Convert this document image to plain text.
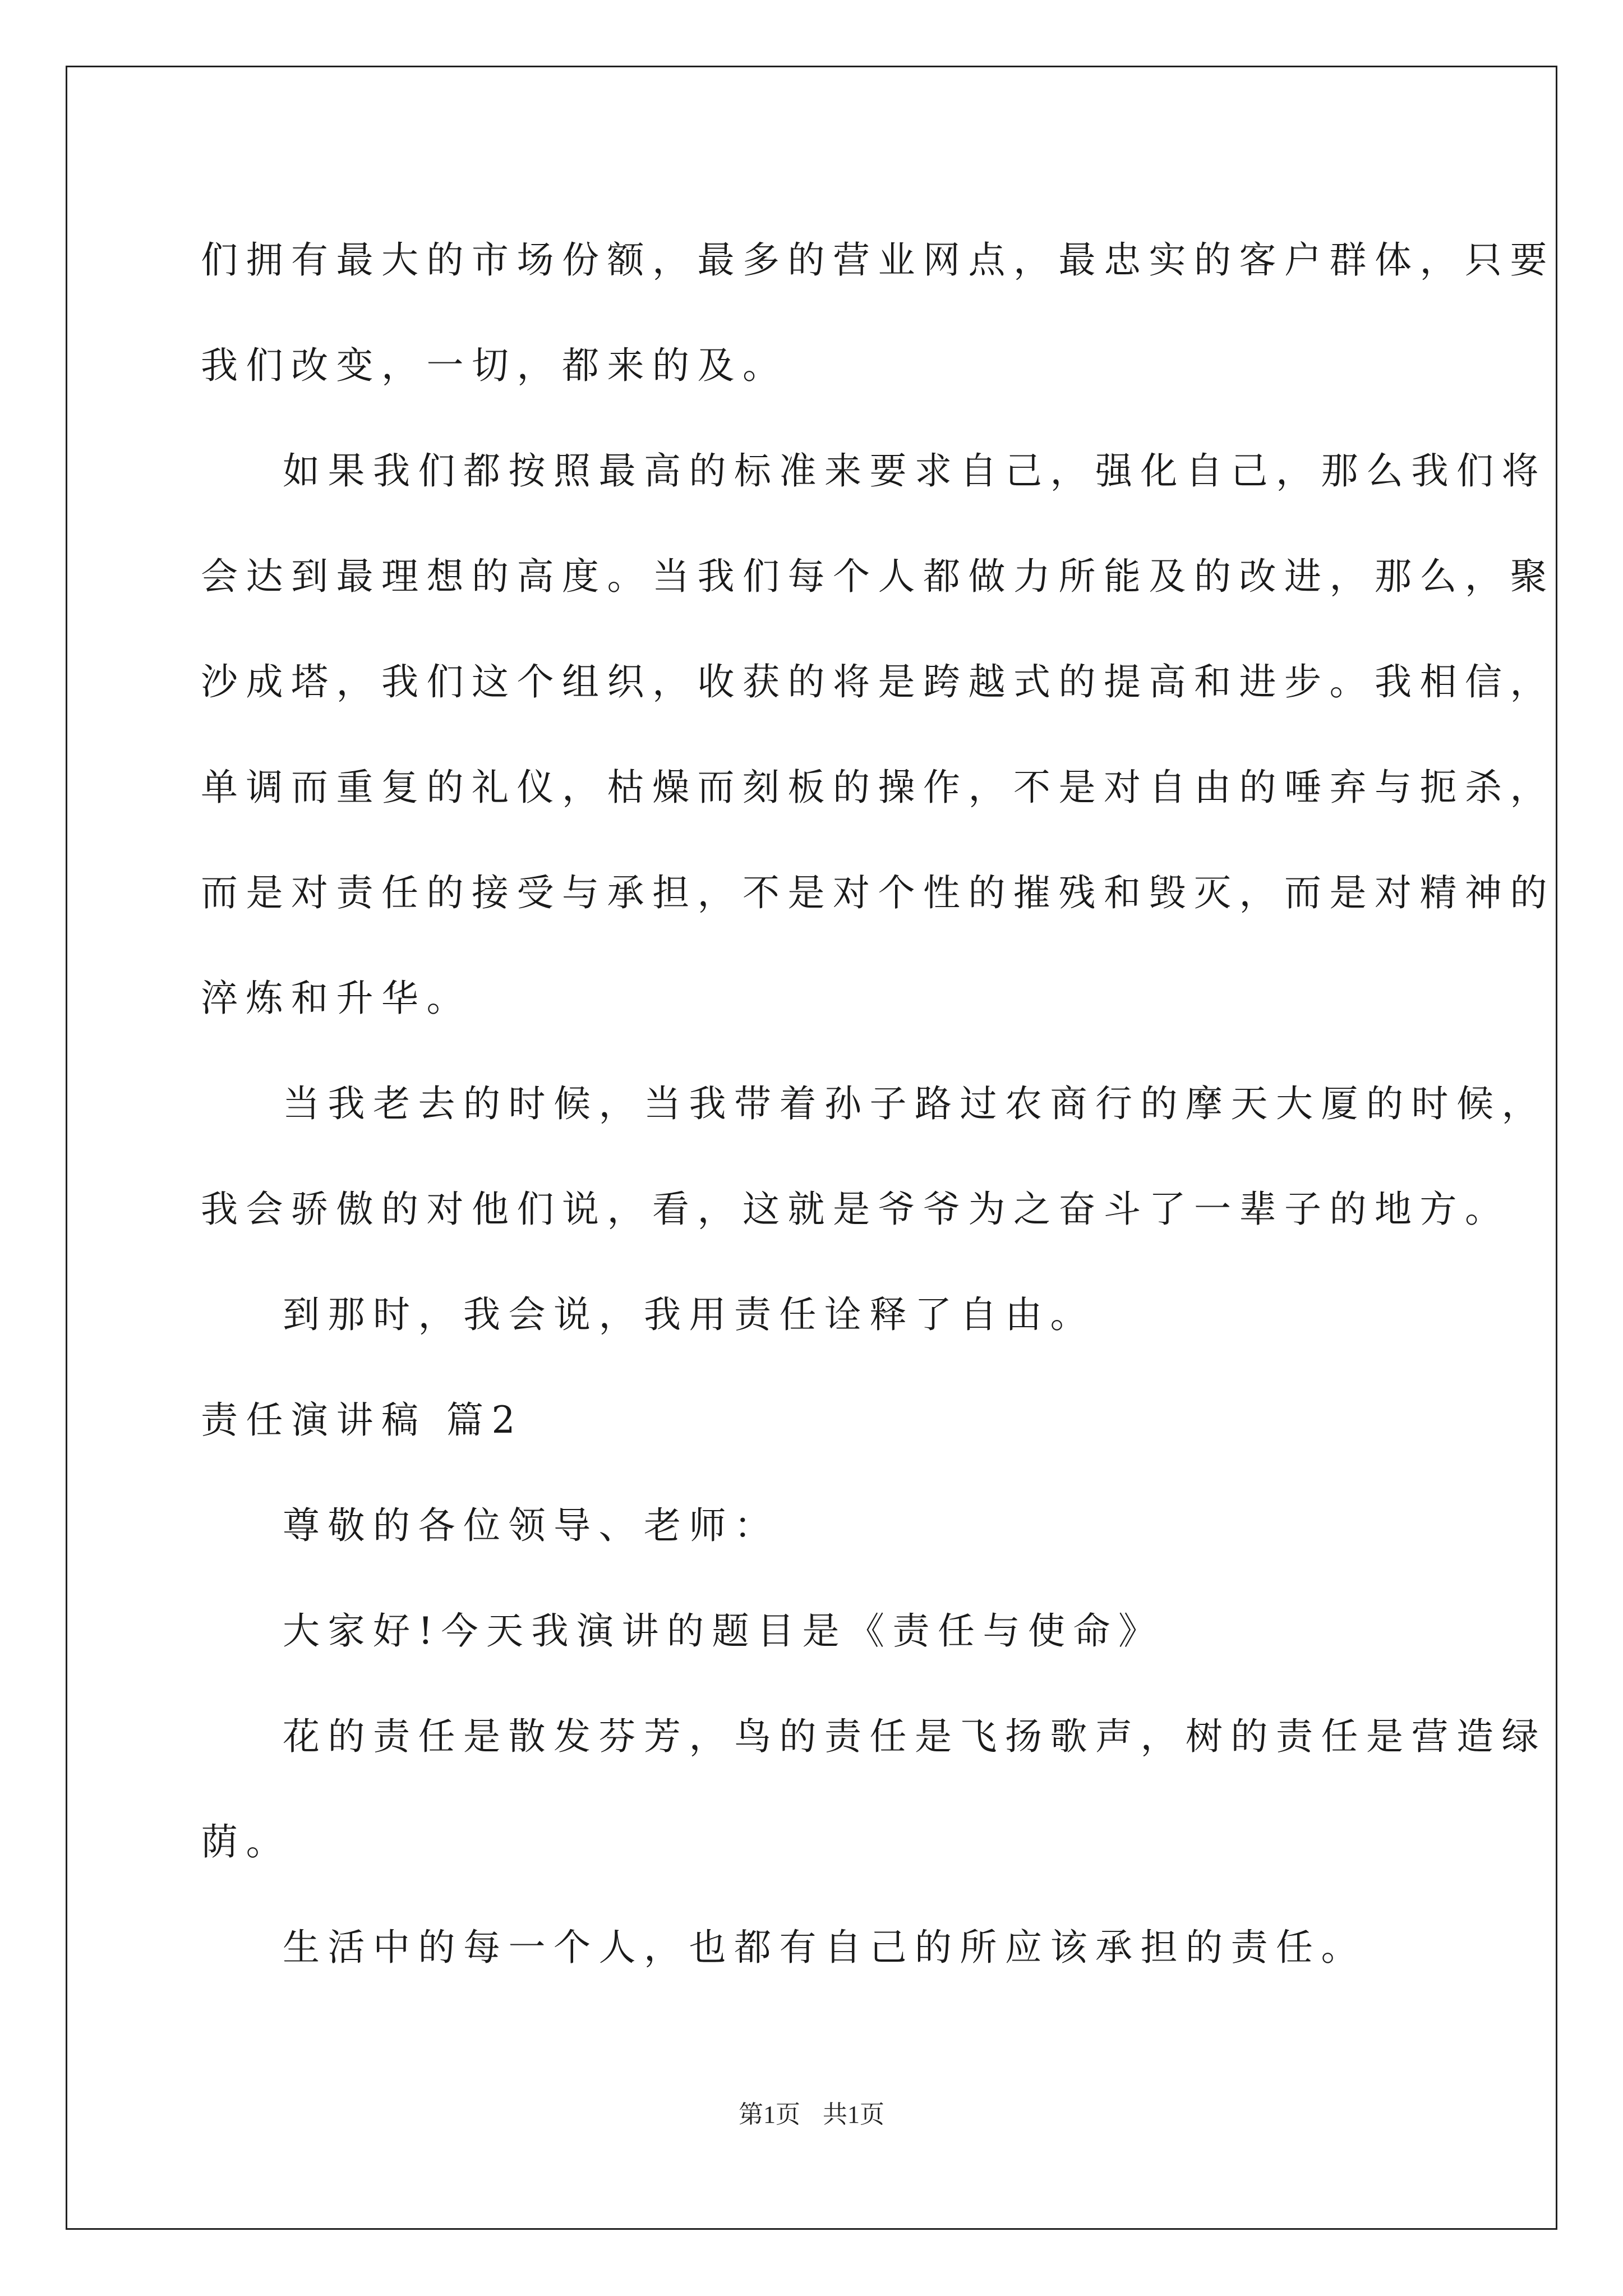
们拥有最大的市场份额，最多的营业网点，最忠实的客户群体，只要
我们改变，一切，都来的及。
如果我们都按照最高的标准来要求自己，强化自己，那么我们将
会达到最理想的高度。当我们每个人都做力所能及的改进，那么，聚
沙成塔，我们这个组织，收获的将是跨越式的提高和进步。我相信，
单调而重复的礼仪，枯燥而刻板的操作，不是对自由的唾弃与扼杀，
而是对责任的接受与承担，不是对个性的摧残和毁灭，而是对精神的
淬炼和升华。
当我老去的时候，当我带着孙子路过农商行的摩天大厦的时候，
我会骄傲的对他们说，看，这就是爷爷为之奋斗了一辈子的地方。
到那时，我会说，我用责任诠释了自由。
责任演讲稿 篇2
尊敬的各位领导、老师：
大家好!今天我演讲的题目是《责任与使命》
花的责任是散发芬芳，鸟的责任是飞扬歌声，树的责任是营造绿
荫。
生活中的每一个人，也都有自己的所应该承担的责任。
第1页 共1页
